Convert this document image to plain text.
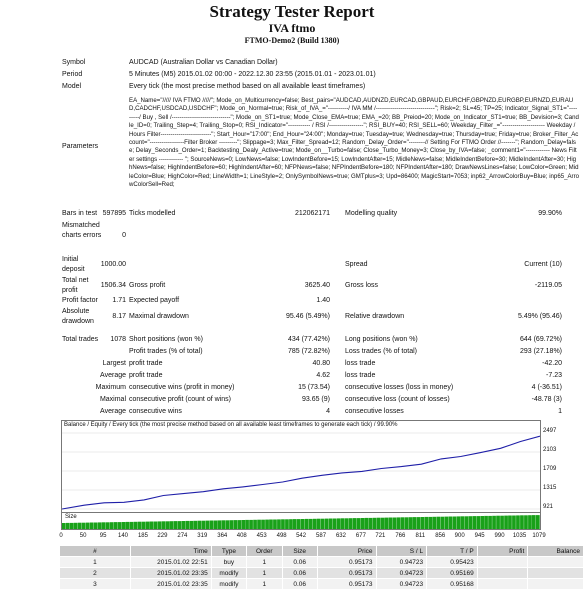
Strategy Tester Report
IVA ftmo
FTMO-Demo2 (Build 1380)
Symbol	AUDCAD (Australian Dollar vs Canadian Dollar)
Period	5 Minutes (M5) 2015.01.02 00:00 - 2022.12.30 23:55 (2015.01.01 - 2023.01.01)
Model	Every tick (the most precise method based on all available least timeframes)
Parameters
EA_Name="///// IVA FTMO /////"; Mode_on_Multicurrency=false; Best_pairs="AUDCAD,AUDNZD,EURCAD,GBPAUD,EURCHF,GBPNZD,EURGBP,EURNZD,EURAUD,CADCHF,USDCAD,USDCHF"; Mode_on_Normal=true; Risk_of_IVA_="----------/ IVA MM /-----------------------------"; Risk=2; SL=45; TP=25; Indicator_Signal_ST1="---------/ Buy , Sell /-----------------------------"; Mode_on_ST1=true; Mode_Close_EMA=true; EMA_=20; BB_Preiod=20; Mode_on_Indicator_ST1=true; BB_Devision=3; Candle_ID=0; Trailing_Step=4; Trailing_Stop=0; RSI_Indicator="----------- / RSI /-----------------"; RSI_BUY=40; RSI_SELL=60; Weekday_Filter_="--------------------- Weekday /Hours Filter-------------------------"; Start_Hour="17:00"; End_Hour="24:00"; Monday=true; Tuesday=true; Wednesday=true; Thursday=true; Friday=true; Broker_Filter_Account="-----------------Filter Broker ---------"; Slippage=3; Max_Filter_Spread=12; Random_Delay_Order="--------// Setting For FTMO Order //-------"; Random_Delay=false; Delay_Seconds_Order=1; Backtesting_Dealy_Active=true; Mode_on__Turbo=false; Close_Turbo_Money=3; Close_by_IVA=false; _comment1="------------ News Filter settings ------------ "; SourceNews=0; LowNews=false; LowIndentBefore=15; LowIndentAfter=15; MidleNews=false; MidleIndentBefore=30; MidleIndentAfter=30; HighNews=false; HighIndentBefore=60; HighIndentAfter=60; NFPNews=false; NFPIndentBefore=180; NFPIndentAfter=180; DrawNewsLines=false; LowColor=Green; MidleColor=Blue; HighColor=Red; LineWidth=1; LineStyle=2; OnlySymbolNews=true; GMTplus=3; Upd=86400; MagicStart=7053; inp62_ArrowColorBuy=Blue; inp65_ArrowColorSell=Red;
Bars in test 597895 Ticks modelled	212062171 Modelling quality	99.90%
Mismatched charts errors	0
Initial deposit
1000.00	Spread	Current (10)
Total net profit
1506.34 Gross profit	3625.40 Gross loss	-2119.05
Profit factor	1.71 Expected payoff	1.40
Absolute drawdown
8.17 Maximal drawdown	95.46 (5.49%) Relative drawdown	5.49% (95.46)
Total trades	1078 Short positions (won %)	434 (77.42%) Long positions (won %)	644 (69.72%)
Profit trades (% of total)	785 (72.82%) Loss trades (% of total)	293 (27.18%)
Largest profit trade	40.80 loss trade	-42.20
Average profit trade	4.62 loss trade	-7.23
Maximum consecutive wins (profit in money)	15 (73.54) consecutive losses (loss in money)	4 (-36.51)
Maximal consecutive profit (count of wins)	93.65 (9) consecutive loss (count of losses)	-48.78 (3)
Average consecutive wins	4 consecutive losses	1
Balance / Equity / Every tick (the most precise method based on all available least timeframes to generate each tick) / 99.90%
2497
2103
1709
1315
921
Size
0	50 95 140 185 229 274 319 364 408 453 498 542 587 632 677 721 766 811 856 900 945 990 1035 1079
#	Time	Type	Order	Size	Price	S / L	T / P	Profit	Balance
1	2015.01.02 22:51	buy	1	0.06	0.95173	0.94723	0.95423		
2	2015.01.02 23:35	modify	1	0.06	0.95173	0.94723	0.95169		
3	2015.01.02 23:35	modify	1	0.06	0.95173	0.94723	0.95168		
